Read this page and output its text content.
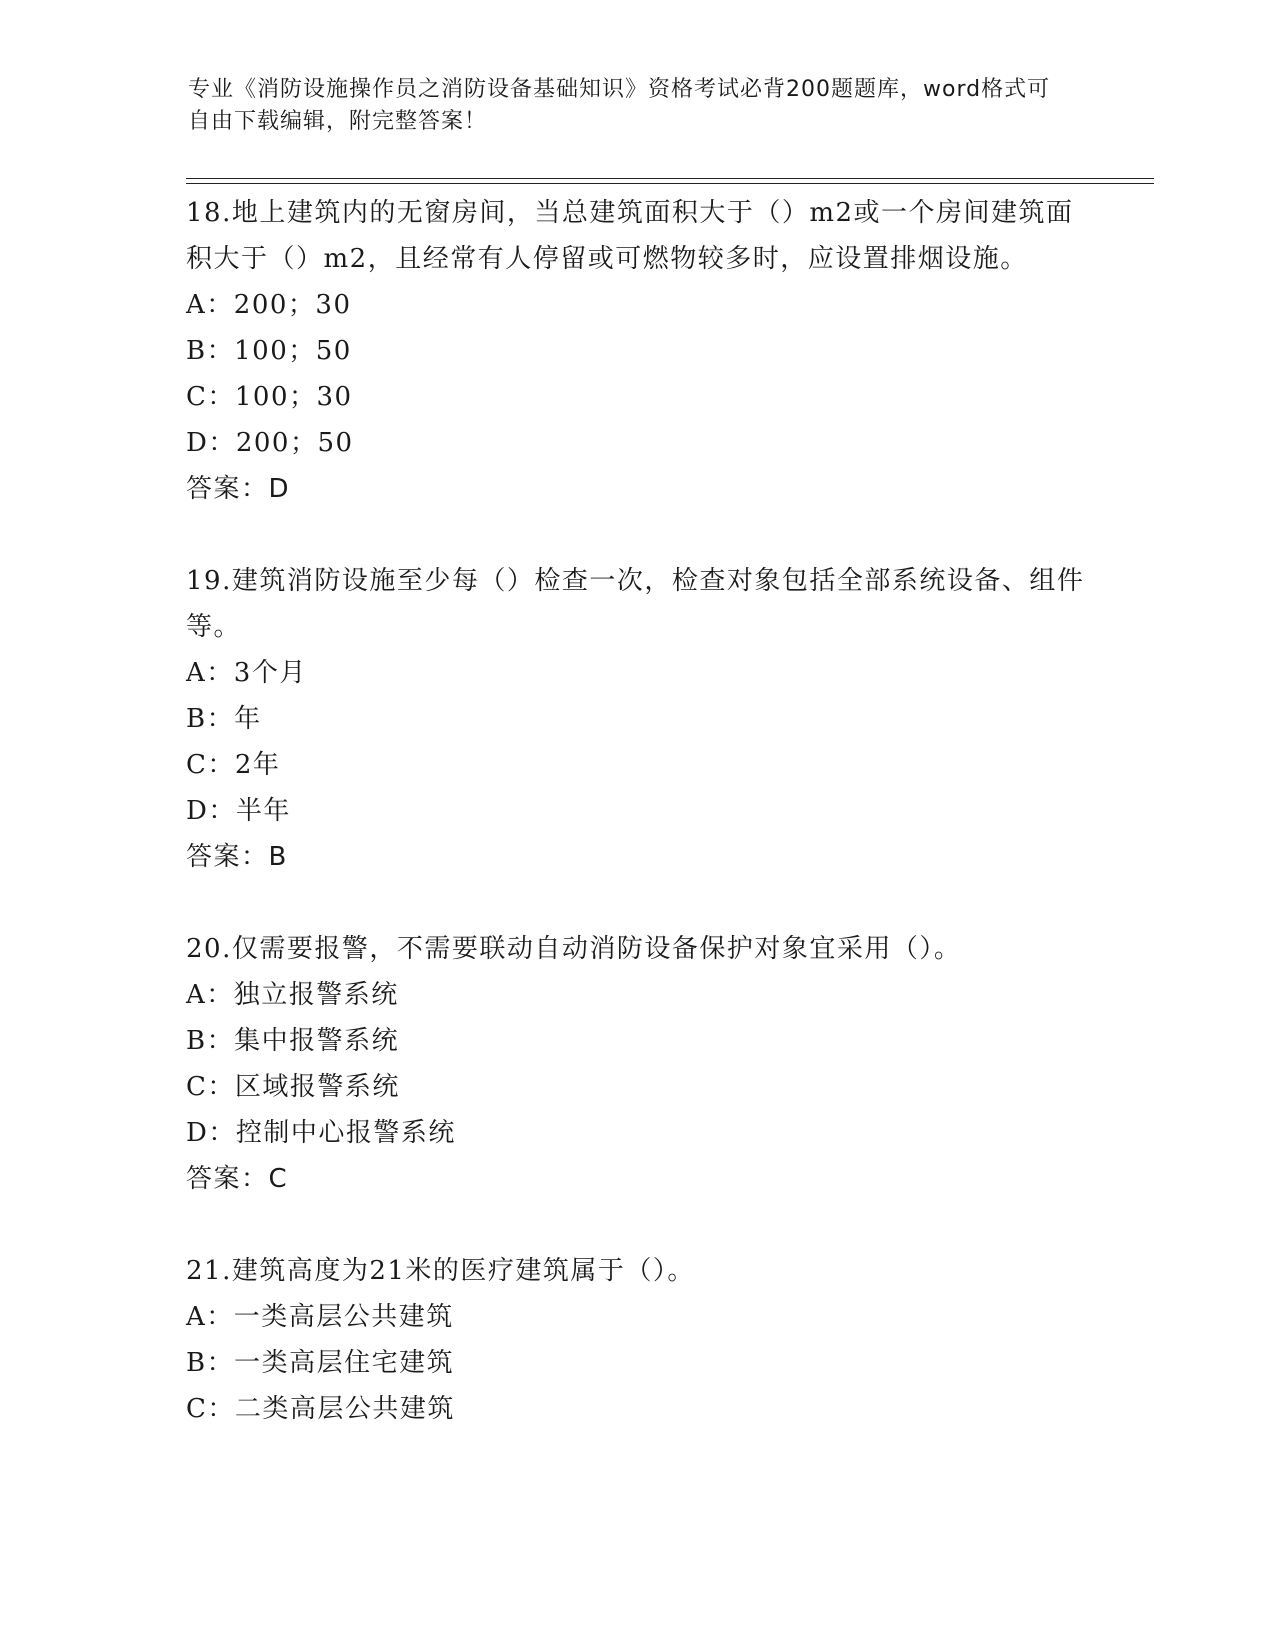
专业《消防设施操作员之消防设备基础知识》资格考试必背200题题库，word格式可自由下载编辑，附完整答案！

18.地上建筑内的无窗房间，当总建筑面积大于（）m2或一个房间建筑面积大于（）m2，且经常有人停留或可燃物较多时，应设置排烟设施。

A：200；30

B：100；50

C：100；30

D：200；50

答案：D

19.建筑消防设施至少每（）检查一次，检查对象包括全部系统设备、组件等。

A：3个月

B：年

C：2年

D：半年

答案：B

20.仅需要报警，不需要联动自动消防设备保护对象宜采用（）。

A：独立报警系统

B：集中报警系统

C：区域报警系统

D：控制中心报警系统

答案：C

21.建筑高度为21米的医疗建筑属于（）。

A：一类高层公共建筑

B：一类高层住宅建筑

C：二类高层公共建筑
